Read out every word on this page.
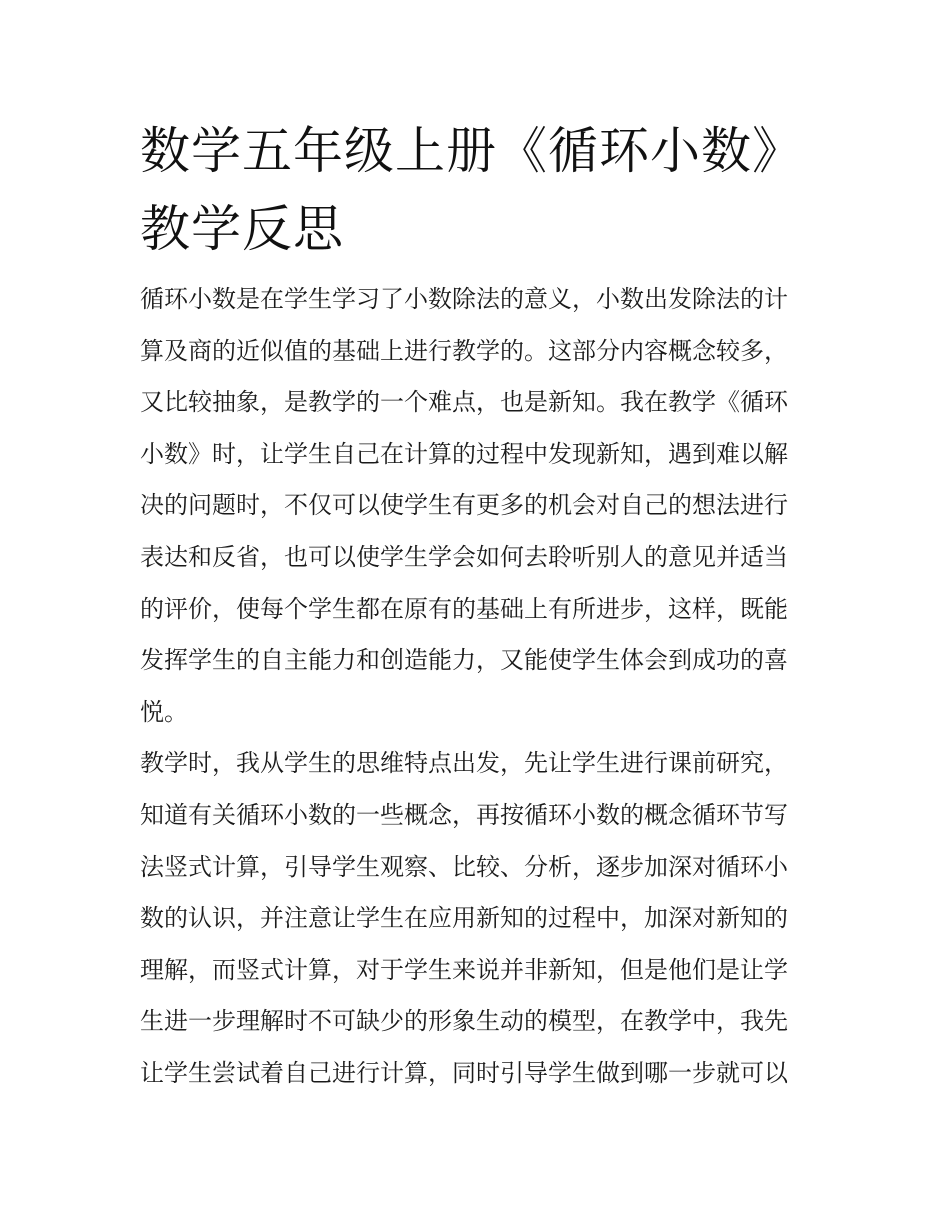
数学五年级上册《循环小数》
教学反思

循环小数是在学生学习了小数除法的意义，小数出发除法的计
算及商的近似值的基础上进行教学的。这部分内容概念较多，
又比较抽象，是教学的一个难点，也是新知。我在教学《循环
小数》时，让学生自己在计算的过程中发现新知，遇到难以解
决的问题时，不仅可以使学生有更多的机会对自己的想法进行
表达和反省，也可以使学生学会如何去聆听别人的意见并适当
的评价，使每个学生都在原有的基础上有所进步，这样，既能
发挥学生的自主能力和创造能力，又能使学生体会到成功的喜
悦。

教学时，我从学生的思维特点出发，先让学生进行课前研究，
知道有关循环小数的一些概念，再按循环小数的概念循环节写
法竖式计算，引导学生观察、比较、分析，逐步加深对循环小
数的认识，并注意让学生在应用新知的过程中，加深对新知的
理解，而竖式计算，对于学生来说并非新知，但是他们是让学
生进一步理解时不可缺少的形象生动的模型，在教学中，我先
让学生尝试着自己进行计算，同时引导学生做到哪一步就可以
